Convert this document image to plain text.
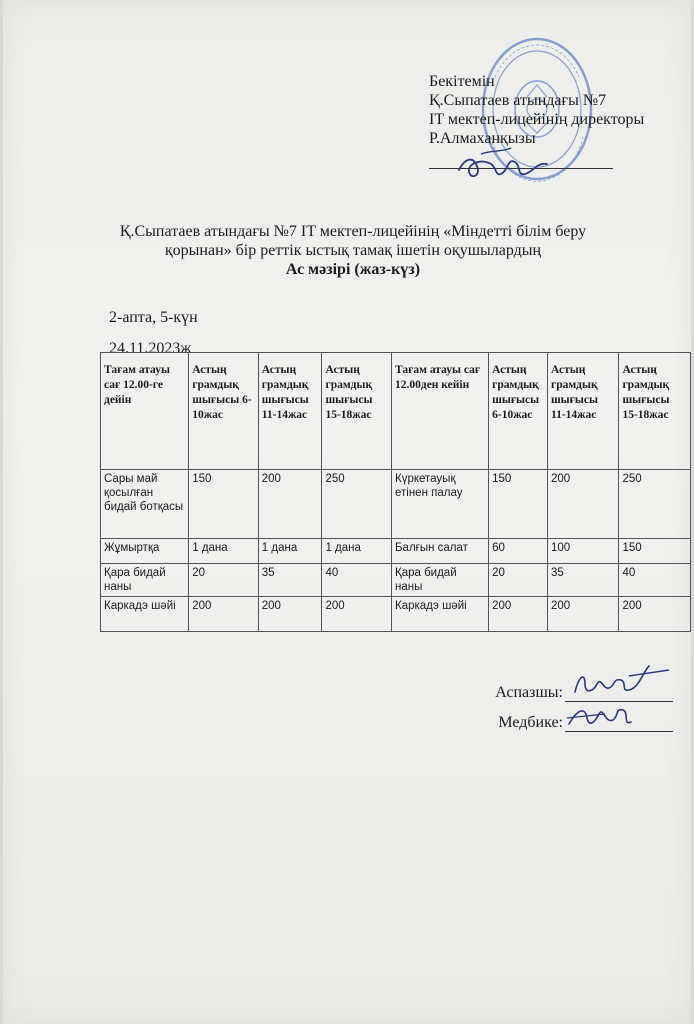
Бекітемін
Қ.Сыпатаев атындағы №7
IT мектеп-лицейінің директоры
Р.Алмаханқызы
Қ.Сыпатаев атындағы №7 IT мектеп-лицейінің «Міндетті білім беру
қорынан» бір реттік ыстық тамақ ішетін оқушылардың
Ас мәзірі (жаз-күз)
2-апта, 5-күн
24.11.2023ж
Тағам атауы сағ 12.00-ге дейін	Астың грамдық шығысы 6-10жас	Астың грамдық шығысы 11-14жас	Астың грамдық шығысы 15-18жас	Тағам атауы сағ 12.00ден кейін	Астың грамдық шығысы 6-10жас	Астың грамдық шығысы 11-14жас	Астың грамдық шығысы 15-18жас
Сары май қосылған бидай ботқасы	150	200	250	Күркетауық етінен палау	150	200	250
Жұмыртқа	1 дана	1 дана	1 дана	Балғын салат	60	100	150
Қара бидай наны	20	35	40	Қара бидай наны	20	35	40
Каркадэ шәйі	200	200	200	Каркадэ шәйі	200	200	200
Аспазшы:
Медбике:
